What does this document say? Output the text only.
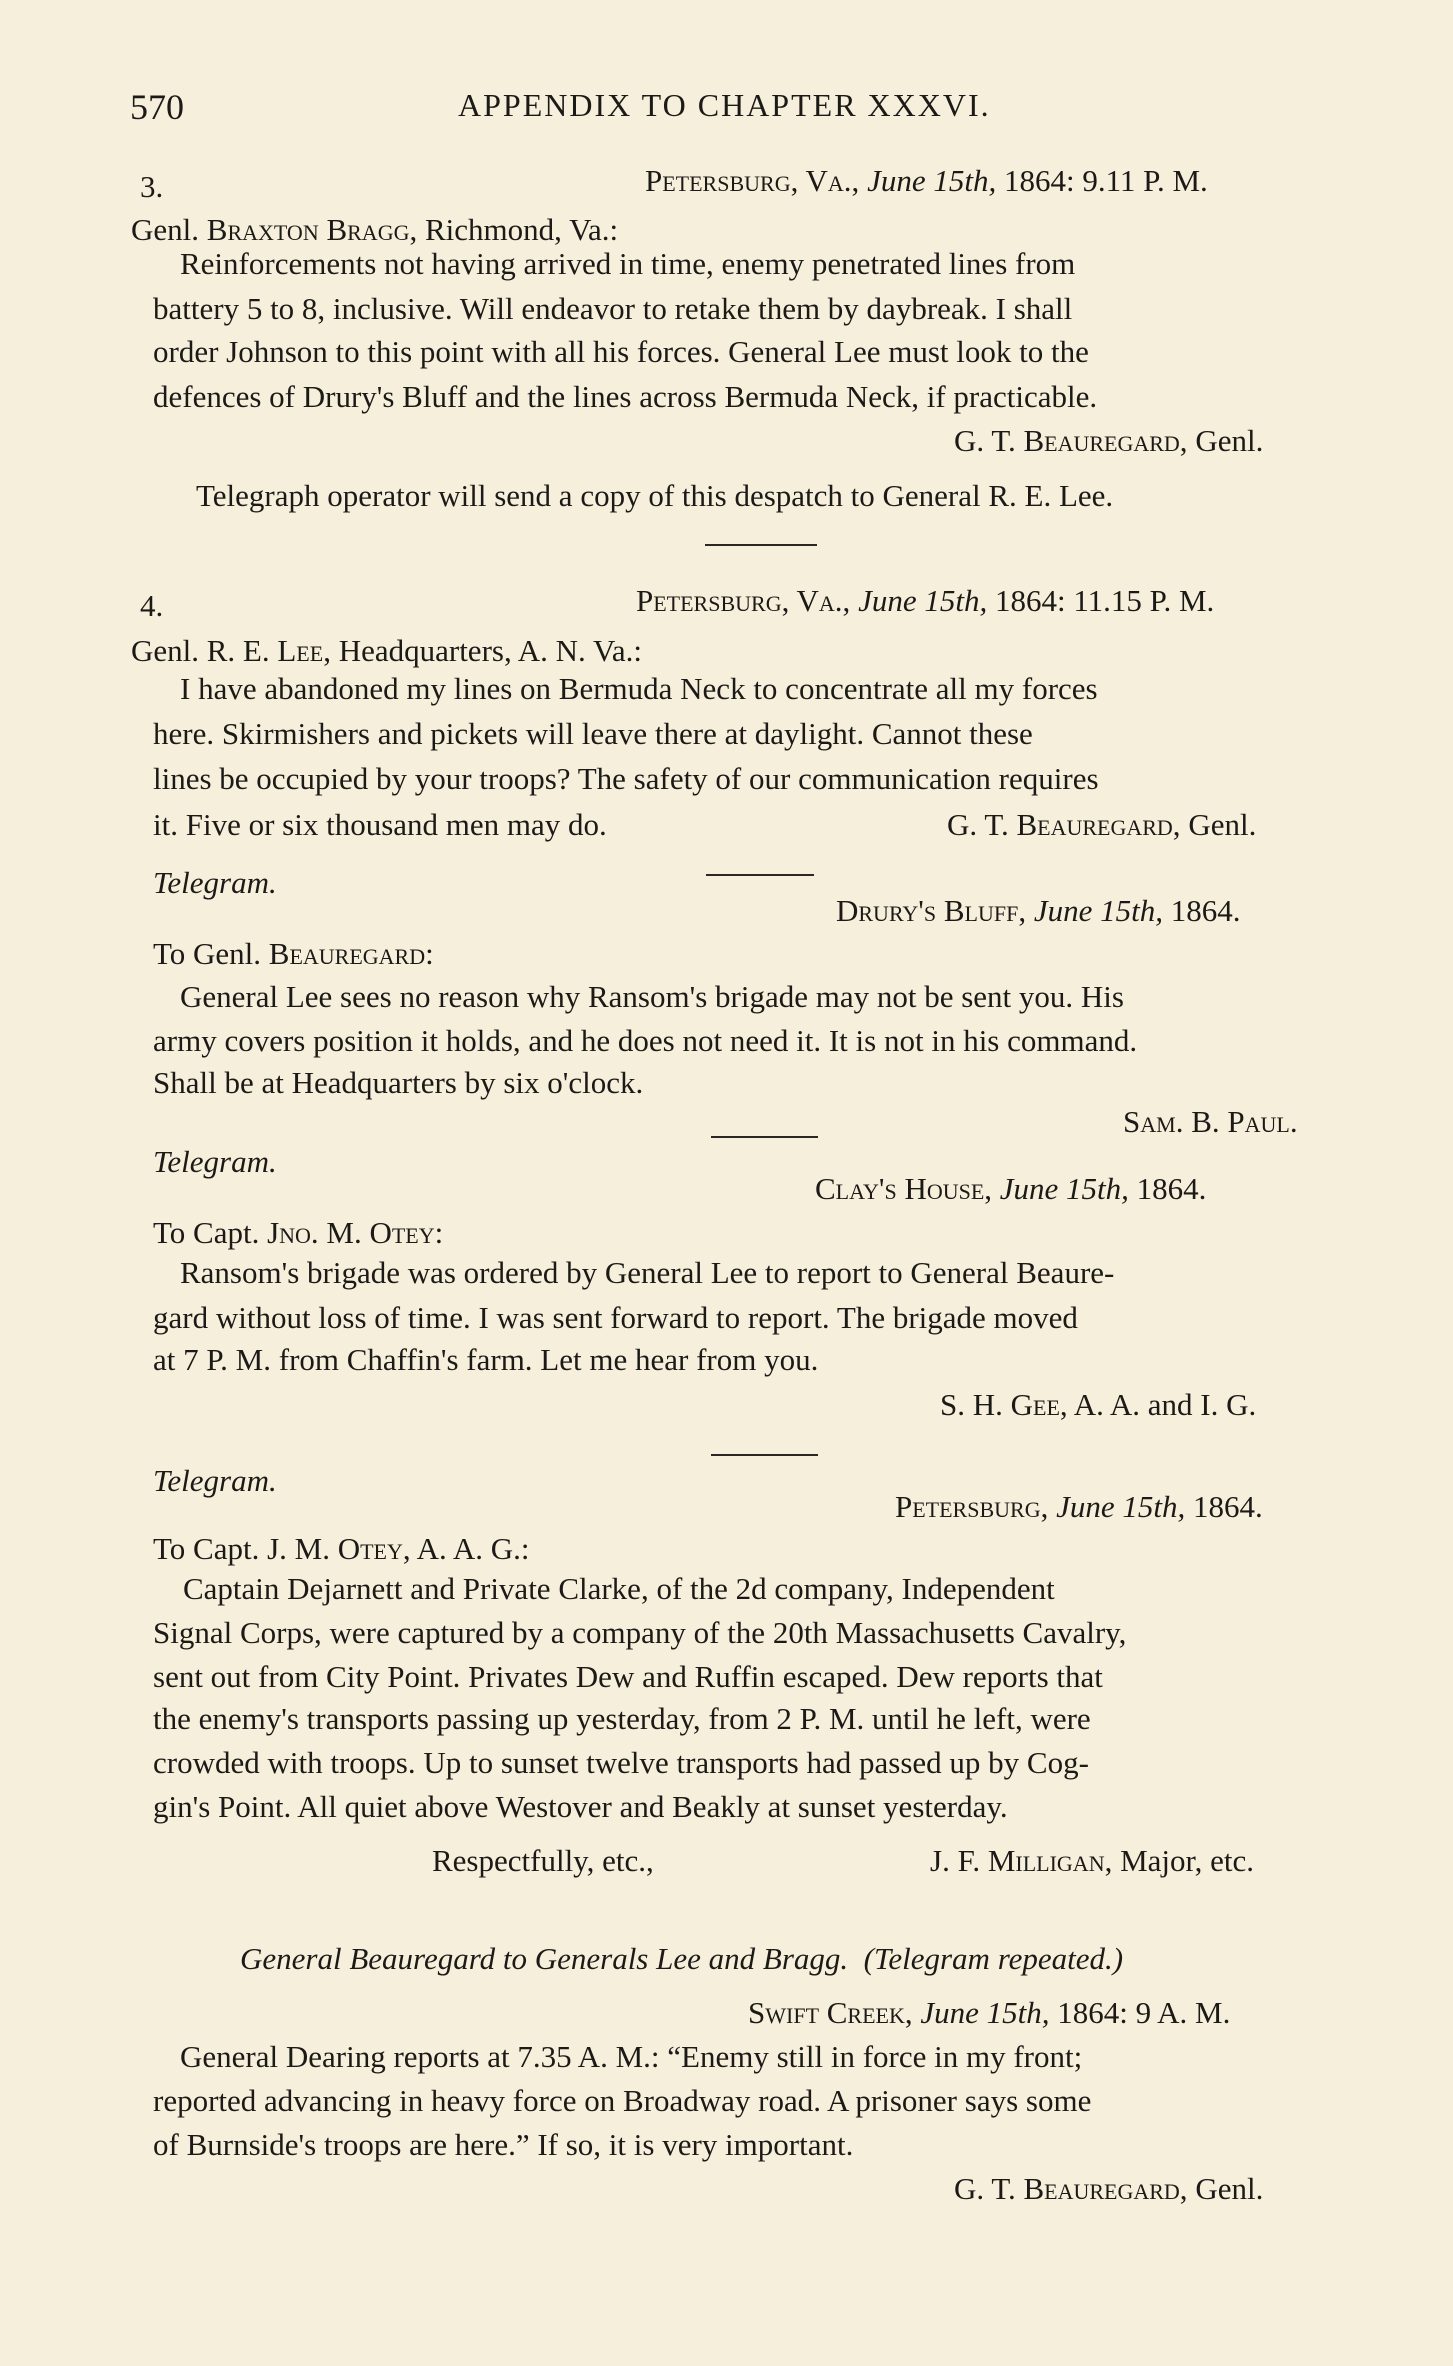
570	APPENDIX TO CHAPTER XXXVI.
3.	Petersburg, Va., June 15th, 1864: 9.11 P. M.
Genl. Braxton Bragg, Richmond, Va.:
Reinforcements not having arrived in time, enemy penetrated lines from
battery 5 to 8, inclusive. Will endeavor to retake them by daybreak. I shall
order Johnson to this point with all his forces. General Lee must look to the
defences of Drury's Bluff and the lines across Bermuda Neck, if practicable.
G. T. Beauregard, Genl.
Telegraph operator will send a copy of this despatch to General R. E. Lee.
4.	Petersburg, Va., June 15th, 1864: 11.15 P. M.
Genl. R. E. Lee, Headquarters, A. N. Va.:
I have abandoned my lines on Bermuda Neck to concentrate all my forces
here. Skirmishers and pickets will leave there at daylight. Cannot these
lines be occupied by your troops? The safety of our communication requires
it. Five or six thousand men may do.	G. T. Beauregard, Genl.
Telegram.
Drury's Bluff, June 15th, 1864.
To Genl. Beauregard:
General Lee sees no reason why Ransom's brigade may not be sent you. His
army covers position it holds, and he does not need it. It is not in his command.
Shall be at Headquarters by six o'clock.
Sam. B. Paul.
Telegram.
Clay's House, June 15th, 1864.
To Capt. Jno. M. Otey:
Ransom's brigade was ordered by General Lee to report to General Beaure-
gard without loss of time. I was sent forward to report. The brigade moved
at 7 P. M. from Chaffin's farm. Let me hear from you.
S. H. Gee, A. A. and I. G.
Telegram.
Petersburg, June 15th, 1864.
To Capt. J. M. Otey, A. A. G.:
Captain Dejarnett and Private Clarke, of the 2d company, Independent
Signal Corps, were captured by a company of the 20th Massachusetts Cavalry,
sent out from City Point. Privates Dew and Ruffin escaped. Dew reports that
the enemy's transports passing up yesterday, from 2 P. M. until he left, were
crowded with troops. Up to sunset twelve transports had passed up by Cog-
gin's Point. All quiet above Westover and Beakly at sunset yesterday.
Respectfully, etc.,	J. F. Milligan, Major, etc.
General Beauregard to Generals Lee and Bragg. (Telegram repeated.)
Swift Creek, June 15th, 1864: 9 A. M.
General Dearing reports at 7.35 A. M.: “Enemy still in force in my front;
reported advancing in heavy force on Broadway road. A prisoner says some
of Burnside's troops are here.” If so, it is very important.
G. T. Beauregard, Genl.
